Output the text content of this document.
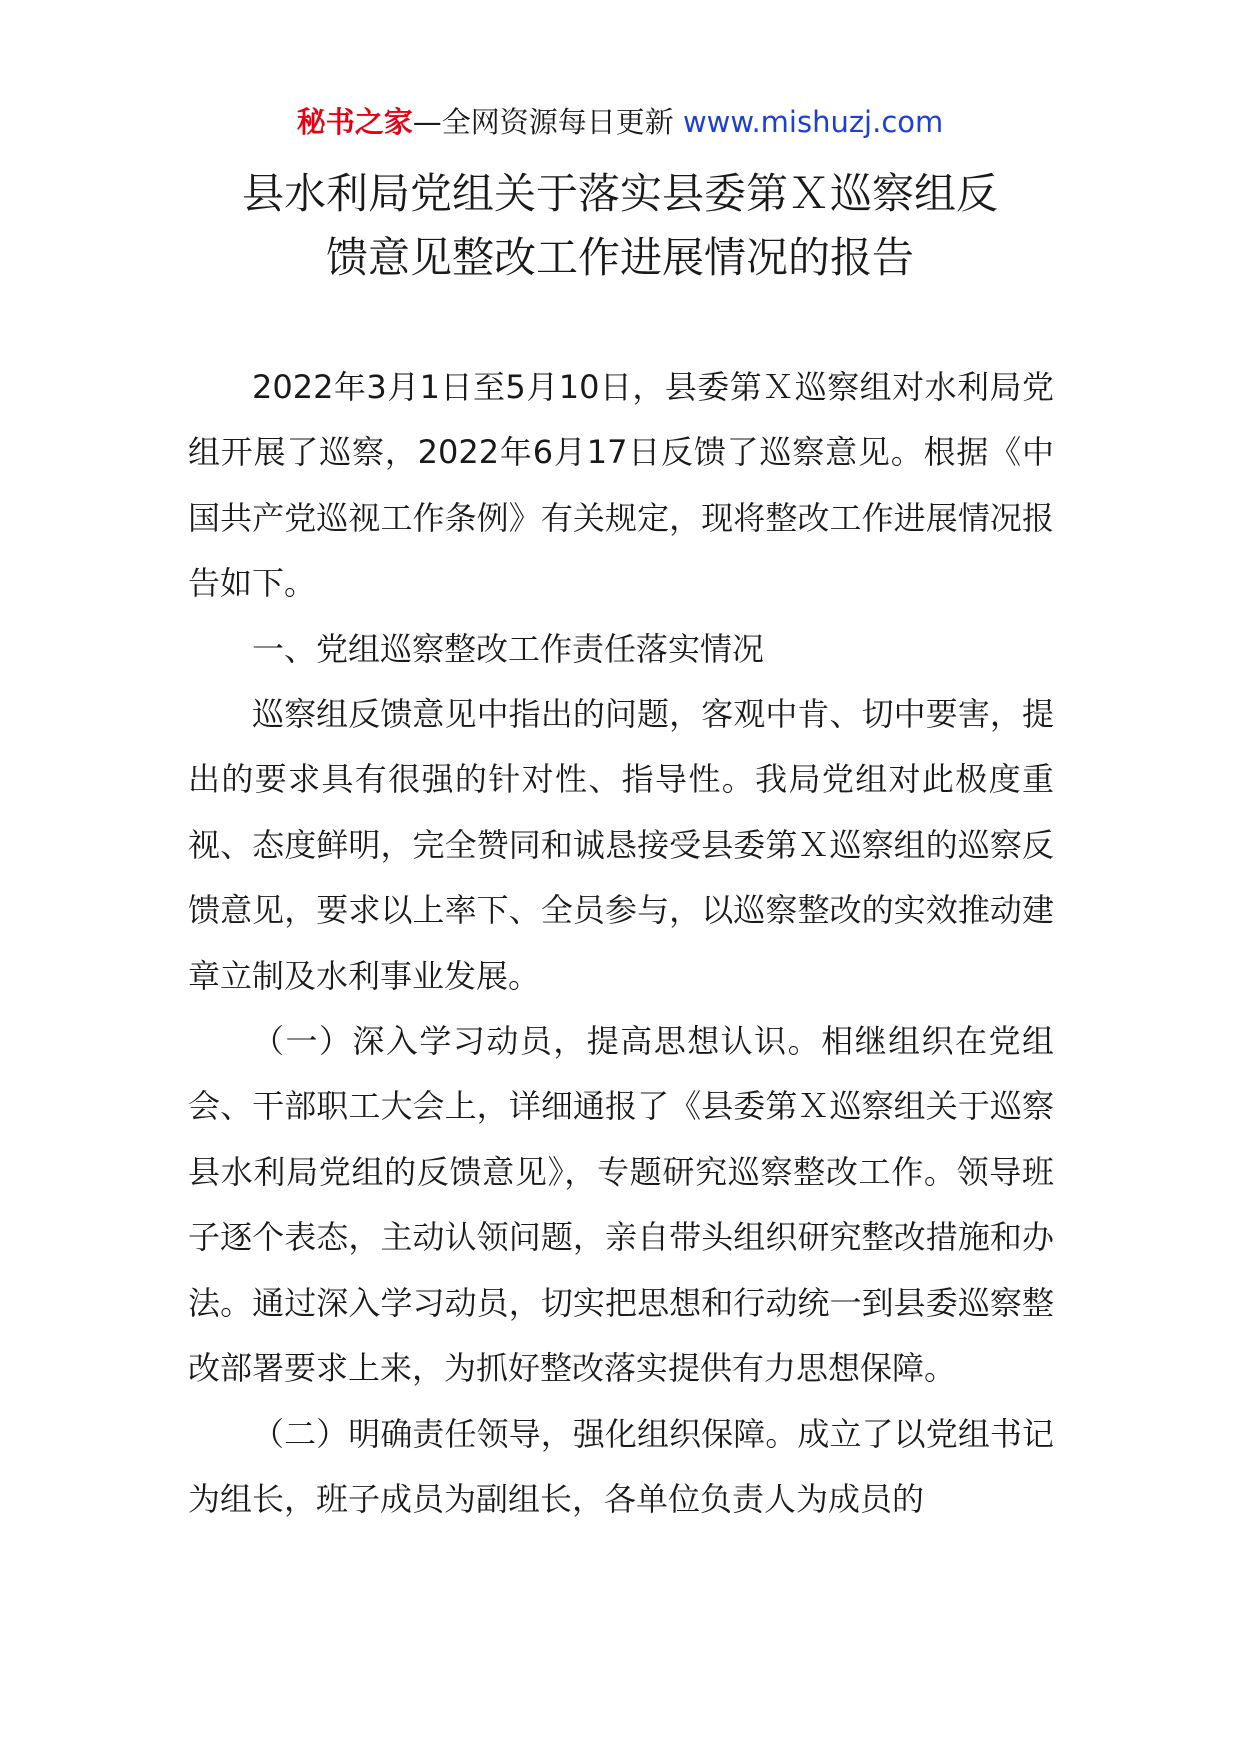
秘书之家—全网资源每日更新 www.mishuzj.com
县水利局党组关于落实县委第Ｘ巡察组反
馈意见整改工作进展情况的报告

2022年3月1日至5月10日，县委第Ｘ巡察组对水利局党组开展了巡察，2022年6月17日反馈了巡察意见。根据《中国共产党巡视工作条例》有关规定，现将整改工作进展情况报告如下。

一、党组巡察整改工作责任落实情况

巡察组反馈意见中指出的问题，客观中肯、切中要害，提出的要求具有很强的针对性、指导性。我局党组对此极度重视、态度鲜明，完全赞同和诚恳接受县委第Ｘ巡察组的巡察反馈意见，要求以上率下、全员参与，以巡察整改的实效推动建章立制及水利事业发展。

（一）深入学习动员，提高思想认识。相继组织在党组会、干部职工大会上，详细通报了《县委第Ｘ巡察组关于巡察县水利局党组的反馈意见》，专题研究巡察整改工作。领导班子逐个表态，主动认领问题，亲自带头组织研究整改措施和办法。通过深入学习动员，切实把思想和行动统一到县委巡察整改部署要求上来，为抓好整改落实提供有力思想保障。

（二）明确责任领导，强化组织保障。成立了以党组书记为组长，班子成员为副组长，各单位负责人为成员的
